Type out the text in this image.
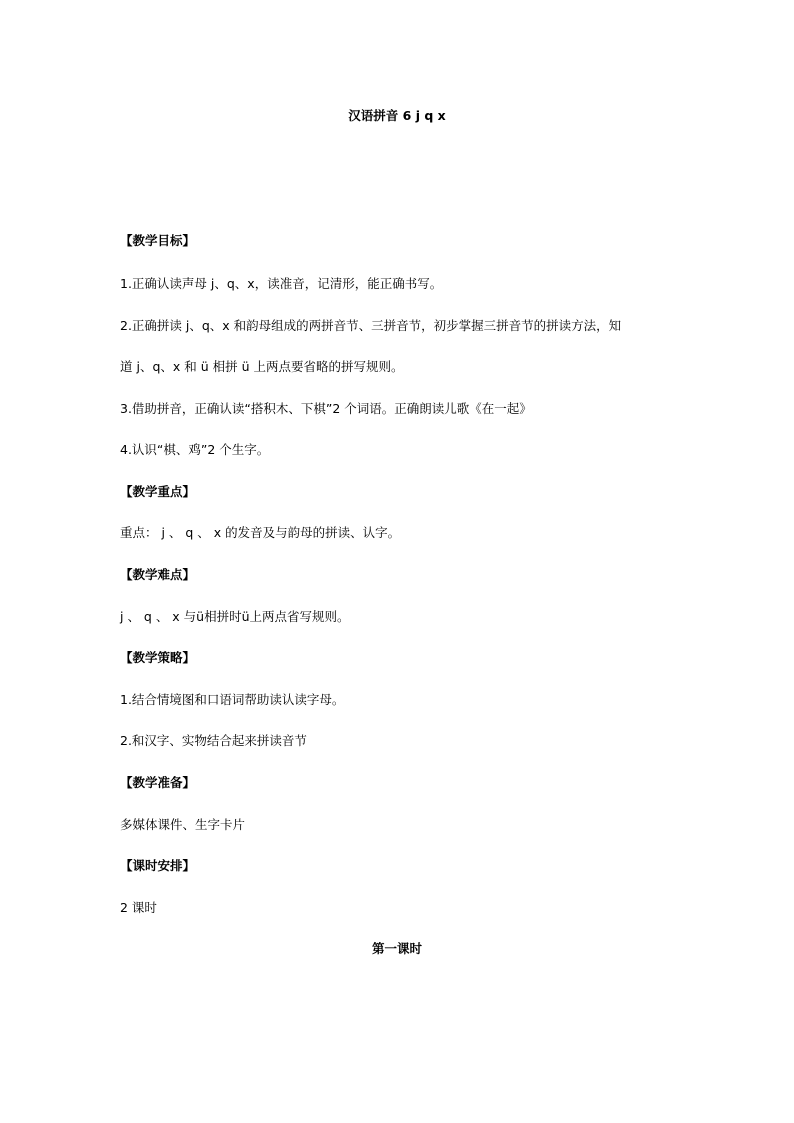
汉语拼音 6 j q x
【教学目标】
1.正确认读声母 j、q、x，读准音，记清形，能正确书写。
2.正确拼读 j、q、x 和韵母组成的两拼音节、三拼音节，初步掌握三拼音节的拼读方法，知
道 j、q、x 和 ü 相拼 ü 上两点要省略的拼写规则。
3.借助拼音，正确认读“搭积木、下棋”2 个词语。正确朗读儿歌《在一起》
4.认识“棋、鸡”2 个生字。
【教学重点】
重点： j 、 q 、 x 的发音及与韵母的拼读、认字。
【教学难点】
j 、 q 、 x 与ü相拼时ü上两点省写规则。
【教学策略】
1.结合情境图和口语词帮助读认读字母。
2.和汉字、实物结合起来拼读音节
【教学准备】
多媒体课件、生字卡片
【课时安排】
2 课时
第一课时
